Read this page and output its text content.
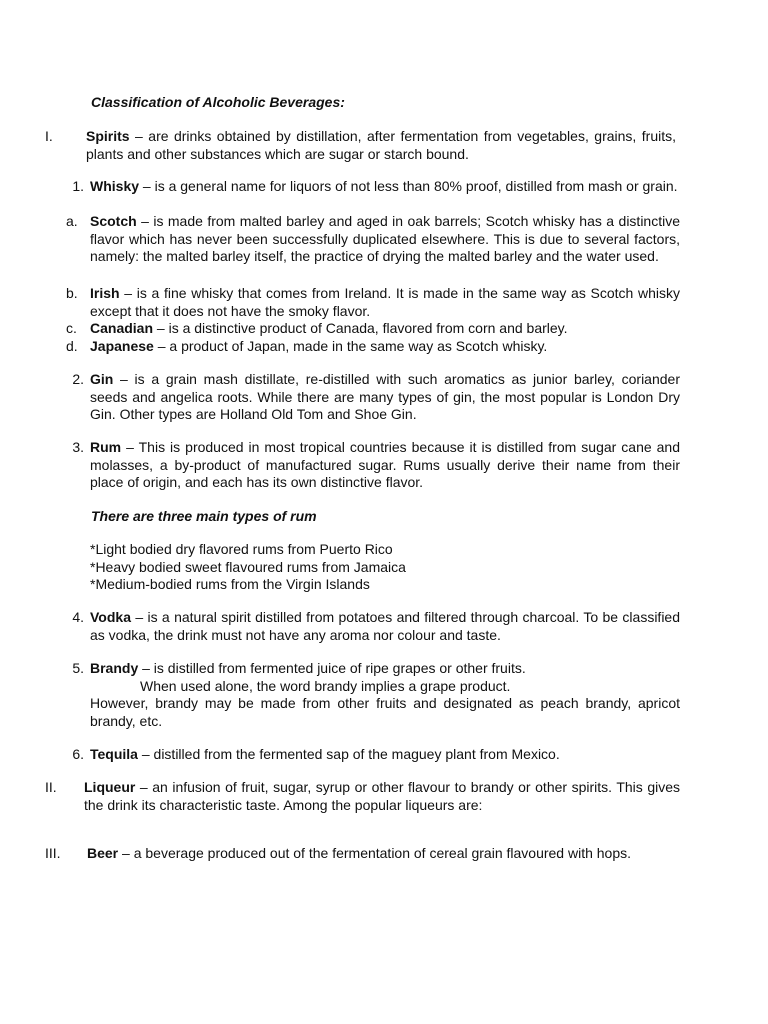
Classification of Alcoholic Beverages:
I. Spirits – are drinks obtained by distillation, after fermentation from vegetables, grains, fruits, plants and other substances which are sugar or starch bound.
1. Whisky – is a general name for liquors of not less than 80% proof, distilled from mash or grain.
a. Scotch – is made from malted barley and aged in oak barrels; Scotch whisky has a distinctive flavor which has never been successfully duplicated elsewhere. This is due to several factors, namely: the malted barley itself, the practice of drying the malted barley and the water used.
b. Irish – is a fine whisky that comes from Ireland. It is made in the same way as Scotch whisky except that it does not have the smoky flavor.
c. Canadian – is a distinctive product of Canada, flavored from corn and barley.
d. Japanese – a product of Japan, made in the same way as Scotch whisky.
2. Gin – is a grain mash distillate, re-distilled with such aromatics as junior barley, coriander seeds and angelica roots. While there are many types of gin, the most popular is London Dry Gin. Other types are Holland Old Tom and Shoe Gin.
3. Rum – This is produced in most tropical countries because it is distilled from sugar cane and molasses, a by-product of manufactured sugar. Rums usually derive their name from their place of origin, and each has its own distinctive flavor.
There are three main types of rum
*Light bodied dry flavored rums from Puerto Rico
*Heavy bodied sweet flavoured rums from Jamaica
*Medium-bodied rums from the Virgin Islands
4. Vodka – is a natural spirit distilled from potatoes and filtered through charcoal. To be classified as vodka, the drink must not have any aroma nor colour and taste.
5. Brandy – is distilled from fermented juice of ripe grapes or other fruits.
When used alone, the word brandy implies a grape product.
However, brandy may be made from other fruits and designated as peach brandy, apricot brandy, etc.
6. Tequila – distilled from the fermented sap of the maguey plant from Mexico.
II. Liqueur – an infusion of fruit, sugar, syrup or other flavour to brandy or other spirits. This gives the drink its characteristic taste. Among the popular liqueurs are:
III. Beer – a beverage produced out of the fermentation of cereal grain flavoured with hops.
